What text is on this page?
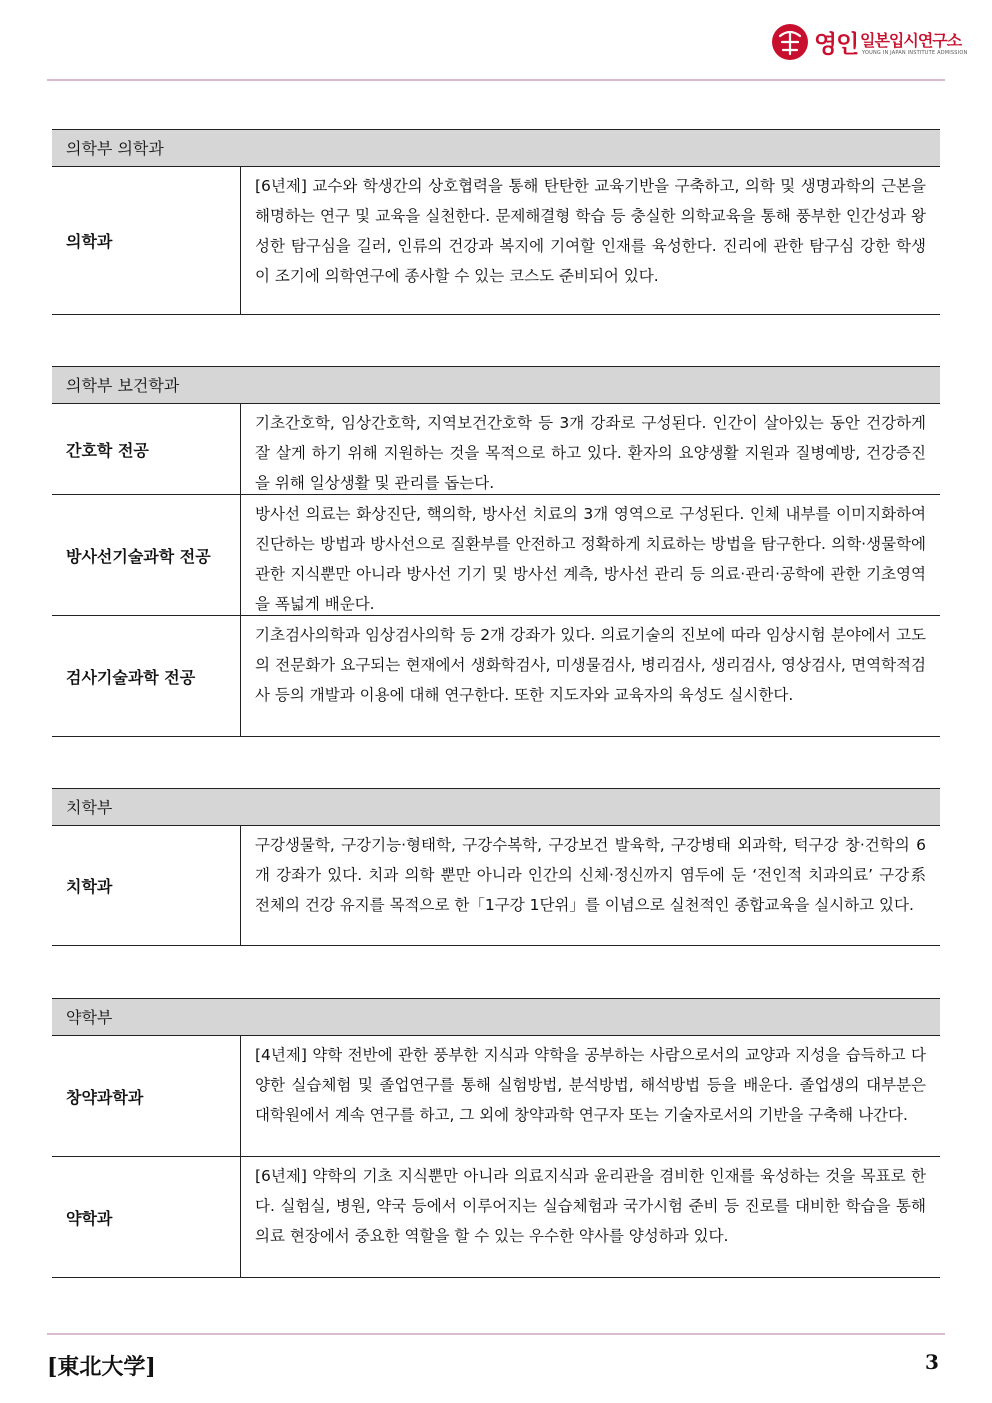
영인 일본입시연구소
YOUNG IN JAPAN INSTITUTE ADMISSION
의학부 의학과
의학과
[6년제] 교수와 학생간의 상호협력을 통해 탄탄한 교육기반을 구축하고, 의학 및 생명과학의 근본을 해명하는 연구 및 교육을 실천한다. 문제해결형 학습 등 충실한 의학교육을 통해 풍부한 인간성과 왕성한 탐구심을 길러, 인류의 건강과 복지에 기여할 인재를 육성한다. 진리에 관한 탐구심 강한 학생이 조기에 의학연구에 종사할 수 있는 코스도 준비되어 있다.
의학부 보건학과
간호학 전공
기초간호학, 임상간호학, 지역보건간호학 등 3개 강좌로 구성된다. 인간이 살아있는 동안 건강하게 잘 살게 하기 위해 지원하는 것을 목적으로 하고 있다. 환자의 요양생활 지원과 질병예방, 건강증진을 위해 일상생활 및 관리를 돕는다.
방사선기술과학 전공
방사선 의료는 화상진단, 핵의학, 방사선 치료의 3개 영역으로 구성된다. 인체 내부를 이미지화하여 진단하는 방법과 방사선으로 질환부를 안전하고 정확하게 치료하는 방법을 탐구한다. 의학·생물학에 관한 지식뿐만 아니라 방사선 기기 및 방사선 계측, 방사선 관리 등 의료·관리·공학에 관한 기초영역을 폭넓게 배운다.
검사기술과학 전공
기초검사의학과 임상검사의학 등 2개 강좌가 있다. 의료기술의 진보에 따라 임상시험 분야에서 고도의 전문화가 요구되는 현재에서 생화학검사, 미생물검사, 병리검사, 생리검사, 영상검사, 면역학적검사 등의 개발과 이용에 대해 연구한다. 또한 지도자와 교육자의 육성도 실시한다.
치학부
치학과
구강생물학, 구강기능·형태학, 구강수복학, 구강보건 발육학, 구강병태 외과학, 턱구강 창·건학의 6개 강좌가 있다. 치과 의학 뿐만 아니라 인간의 신체·정신까지 염두에 둔 ‘전인적 치과의료’ 구강系 전체의 건강 유지를 목적으로 한「1구강 1단위」를 이념으로 실천적인 종합교육을 실시하고 있다.
약학부
창약과학과
[4년제] 약학 전반에 관한 풍부한 지식과 약학을 공부하는 사람으로서의 교양과 지성을 습득하고 다양한 실습체험 및 졸업연구를 통해 실험방법, 분석방법, 해석방법 등을 배운다. 졸업생의 대부분은 대학원에서 계속 연구를 하고, 그 외에 창약과학 연구자 또는 기술자로서의 기반을 구축해 나간다.
약학과
[6년제] 약학의 기초 지식뿐만 아니라 의료지식과 윤리관을 겸비한 인재를 육성하는 것을 목표로 한다. 실험실, 병원, 약국 등에서 이루어지는 실습체험과 국가시험 준비 등 진로를 대비한 학습을 통해 의료 현장에서 중요한 역할을 할 수 있는 우수한 약사를 양성하과 있다.
[東北大学]	3
